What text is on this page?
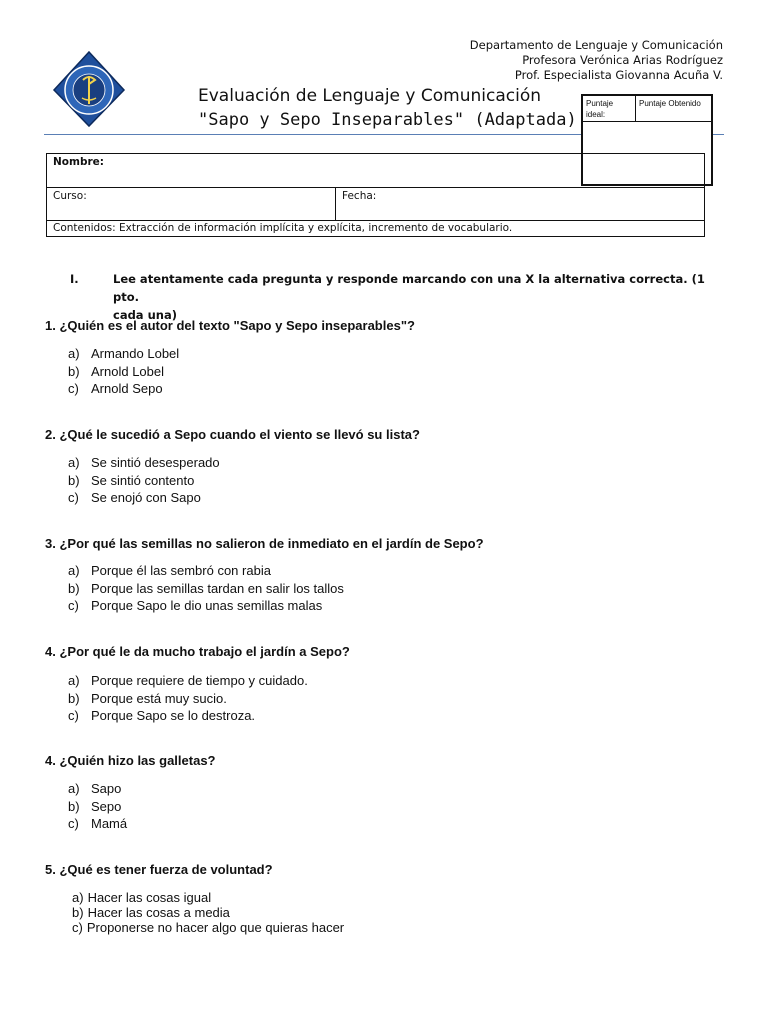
Departamento de Lenguaje y Comunicación
Profesora Verónica Arias Rodríguez
Prof. Especialista Giovanna Acuña V.
Evaluación de Lenguaje y Comunicación
"Sapo y Sepo Inseparables" (Adaptada)
Puntaje ideal:
Puntaje Obtenido
Nombre:
Curso:	Fecha:
Contenidos: Extracción de información implícita y explícita, incremento de vocabulario.
I.	Lee atentamente cada pregunta y responde marcando con una X la alternativa correcta. (1 pto.
cada una)
1. ¿Quién es el autor del texto "Sapo y Sepo inseparables"?
a) Armando Lobel
b) Arnold Lobel
c) Arnold Sepo
2. ¿Qué le sucedió a Sepo cuando el viento se llevó su lista?
a) Se sintió desesperado
b) Se sintió contento
c) Se enojó con Sapo
3. ¿Por qué las semillas no salieron de inmediato en el jardín de Sepo?
a) Porque él las sembró con rabia
b) Porque las semillas tardan en salir los tallos
c) Porque Sapo le dio unas semillas malas
4. ¿Por qué le da mucho trabajo el jardín a Sepo?
a) Porque requiere de tiempo y cuidado.
b) Porque está muy sucio.
c) Porque Sapo se lo destroza.
4. ¿Quién hizo las galletas?
a) Sapo
b) Sepo
c) Mamá
5. ¿Qué es tener fuerza de voluntad?
a) Hacer las cosas igual
b) Hacer las cosas a media
c) Proponerse no hacer algo que quieras hacer
